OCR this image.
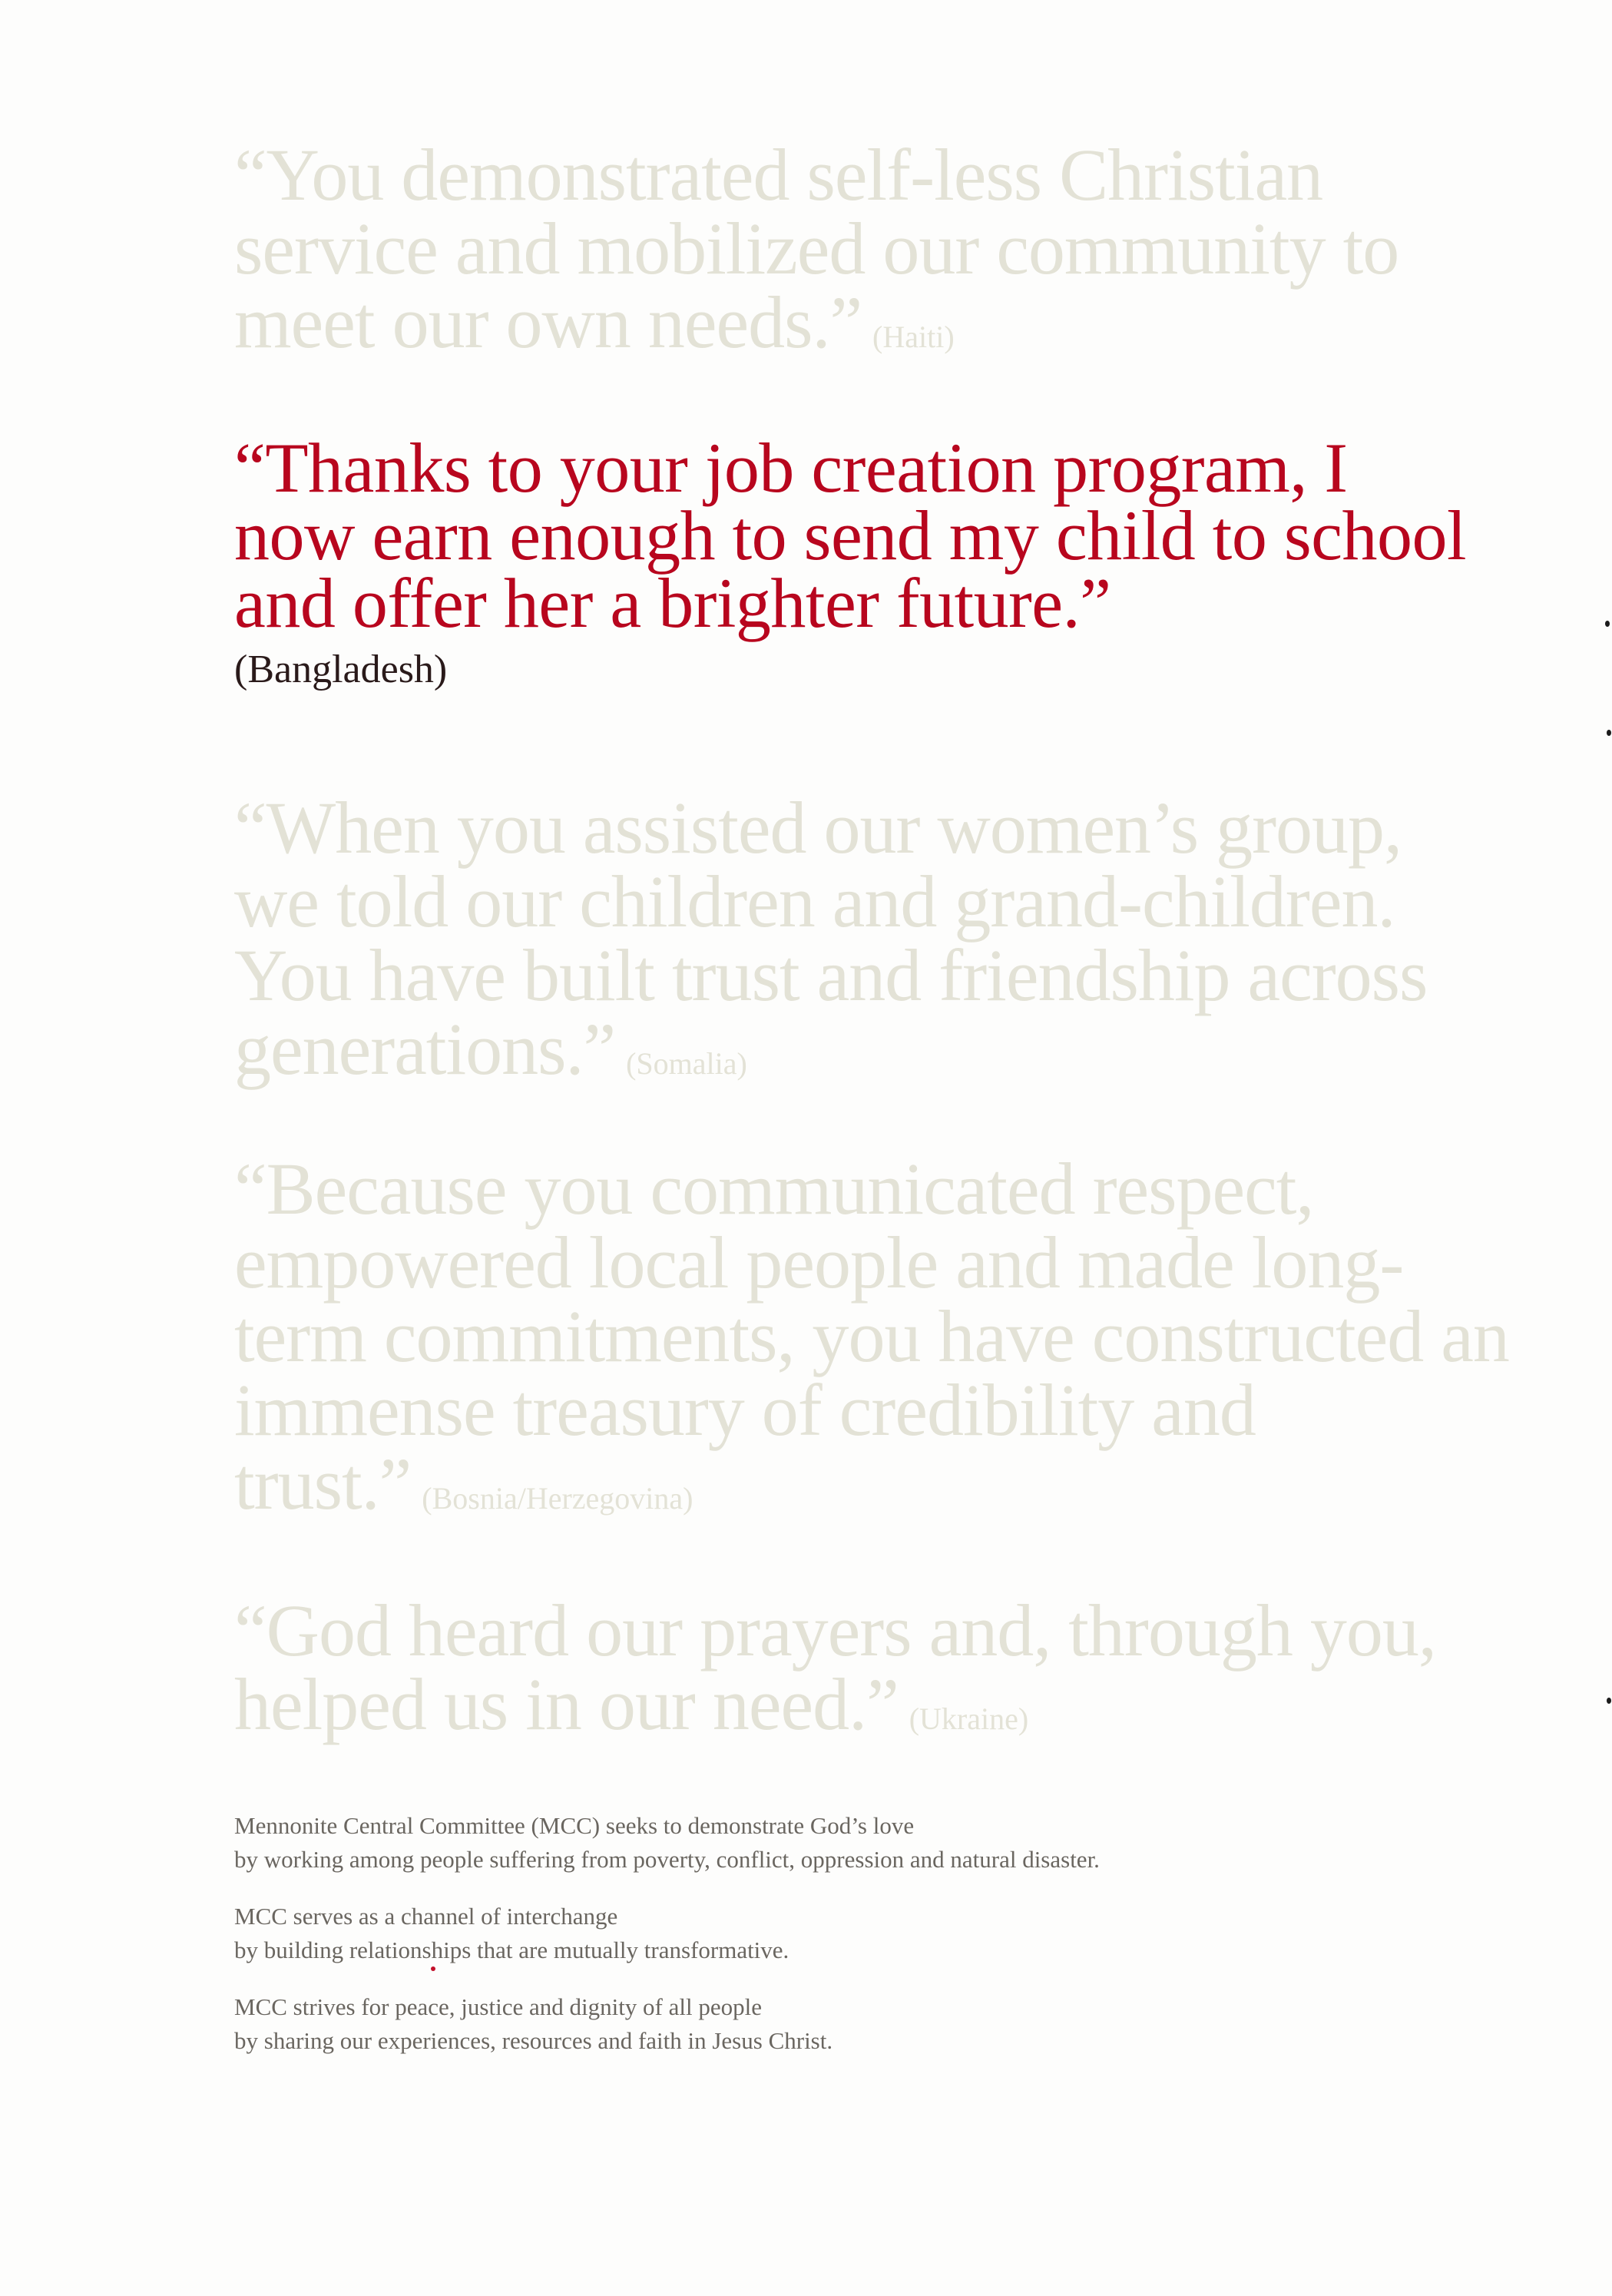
“You demonstrated self-less Christian service and mobilized our community to meet our own needs.” (Haiti)
“Thanks to your job creation program, I now earn enough to send my child to school and offer her a brighter future.”
(Bangladesh)
“When you assisted our women’s group, we told our children and grand-children. You have built trust and friendship across generations.” (Somalia)
“Because you communicated respect, empowered local people and made long-term commitments, you have constructed an immense treasury of credibility and trust.” (Bosnia/Herzegovina)
“God heard our prayers and, through you, helped us in our need.” (Ukraine)

Mennonite Central Committee (MCC) seeks to demonstrate God’s love
by working among people suffering from poverty, conflict, oppression and natural disaster.

MCC serves as a channel of interchange
by building relationships that are mutually transformative.

MCC strives for peace, justice and dignity of all people
by sharing our experiences, resources and faith in Jesus Christ.
